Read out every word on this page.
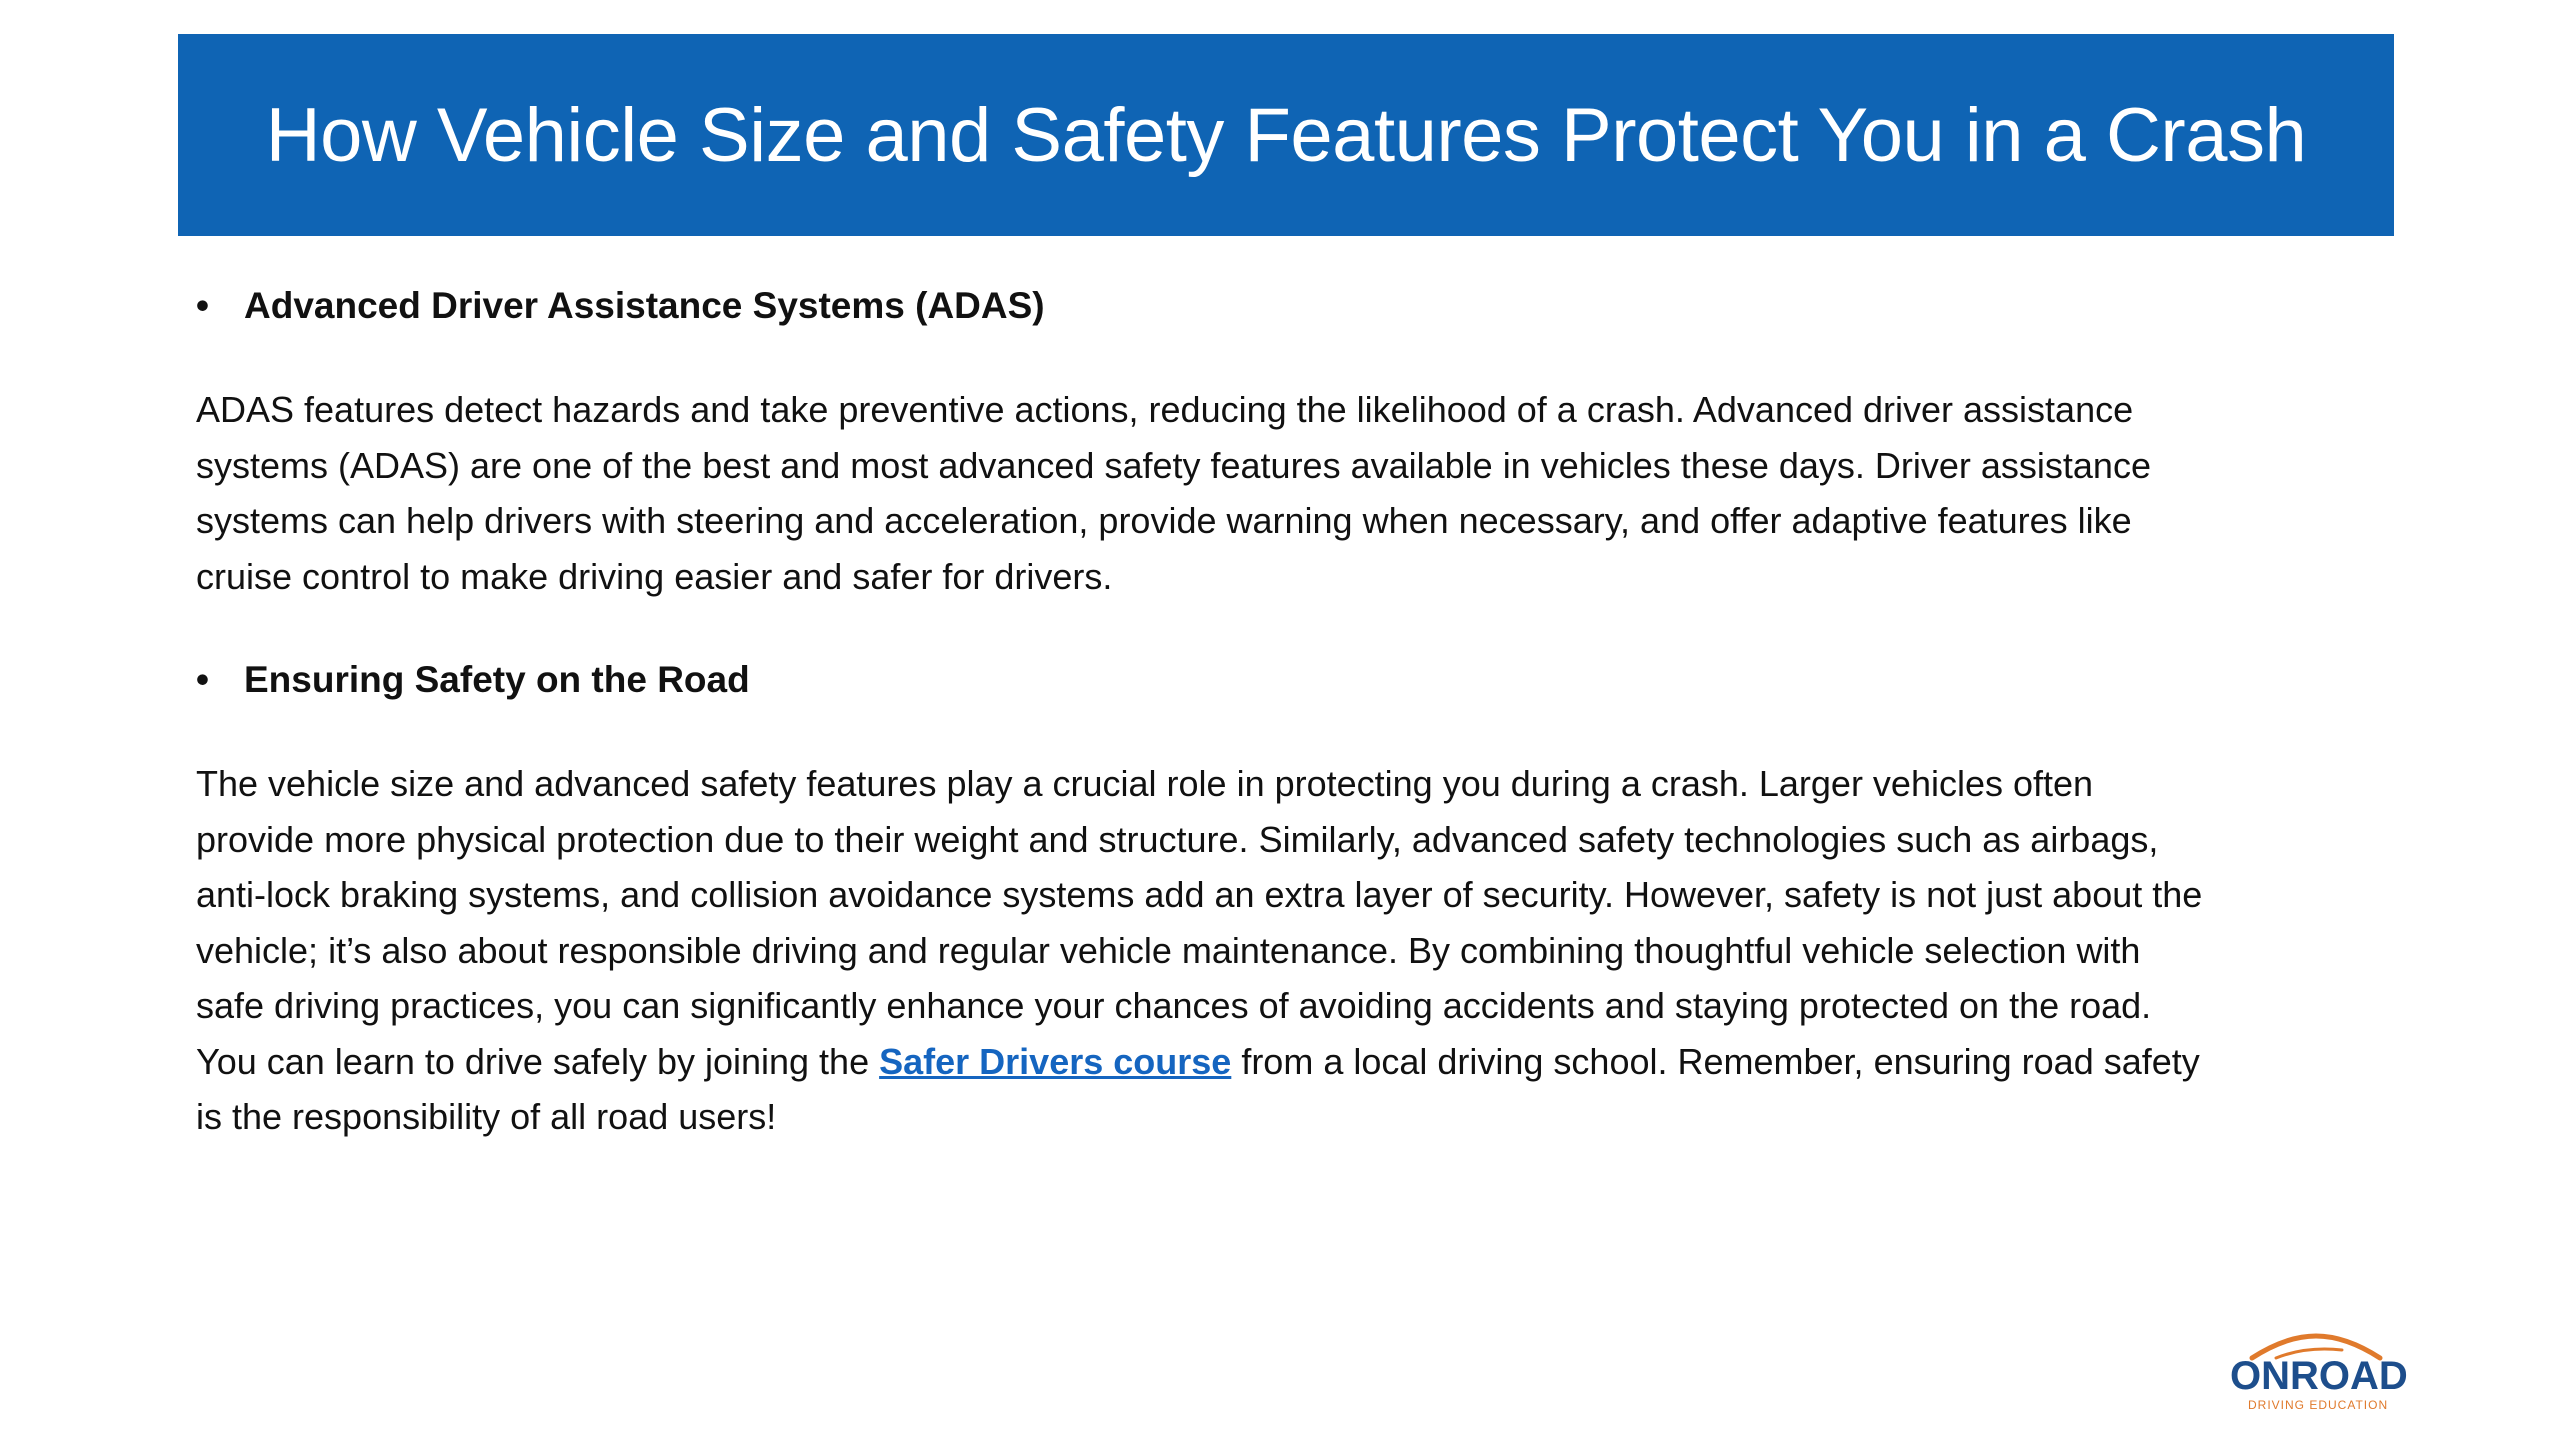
How Vehicle Size and Safety Features Protect You in a Crash
• Advanced Driver Assistance Systems (ADAS)

ADAS features detect hazards and take preventive actions, reducing the likelihood of a crash. Advanced driver assistance
systems (ADAS) are one of the best and most advanced safety features available in vehicles these days. Driver assistance
systems can help drivers with steering and acceleration, provide warning when necessary, and offer adaptive features like
cruise control to make driving easier and safer for drivers.

• Ensuring Safety on the Road

The vehicle size and advanced safety features play a crucial role in protecting you during a crash. Larger vehicles often
provide more physical protection due to their weight and structure. Similarly, advanced safety technologies such as airbags,
anti-lock braking systems, and collision avoidance systems add an extra layer of security. However, safety is not just about the
vehicle; it’s also about responsible driving and regular vehicle maintenance. By combining thoughtful vehicle selection with
safe driving practices, you can significantly enhance your chances of avoiding accidents and staying protected on the road.
You can learn to drive safely by joining the Safer Drivers course from a local driving school. Remember, ensuring road safety
is the responsibility of all road users!

ONROAD
DRIVING EDUCATION
